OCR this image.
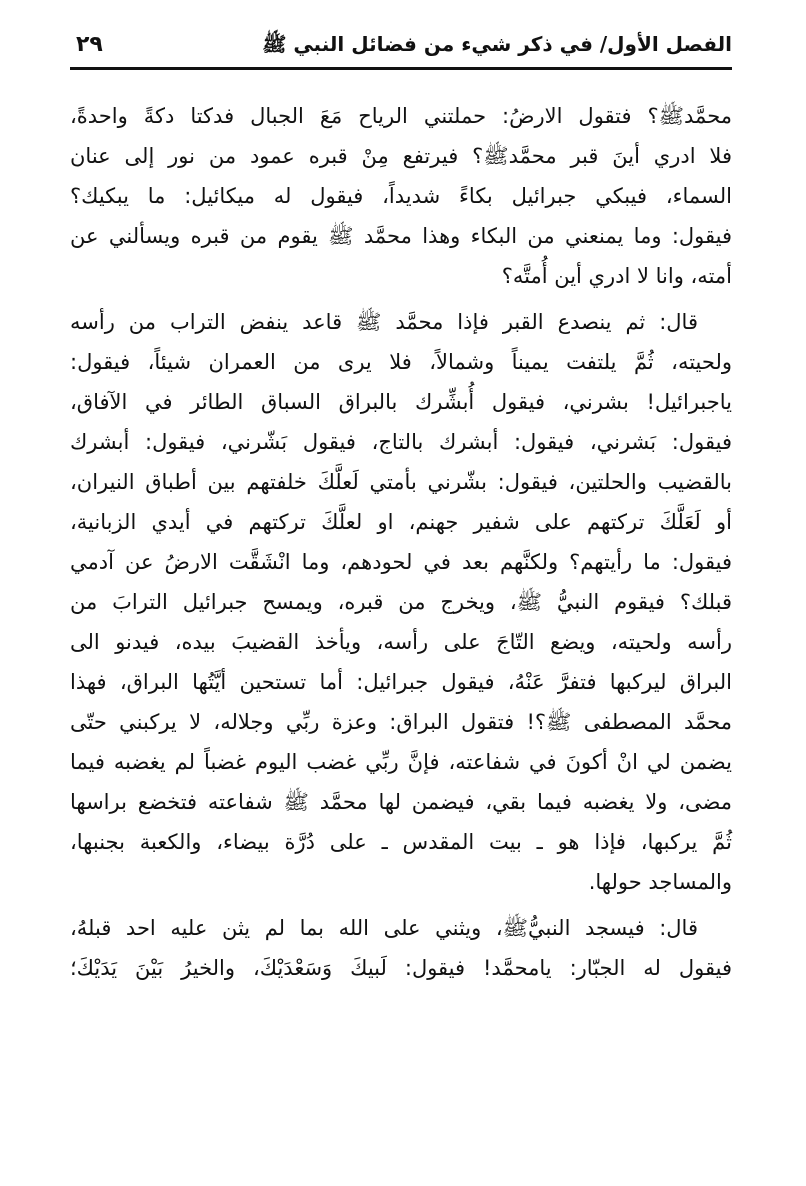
الفصل الأول/ في ذكر شيء من فضائل النبي ﷺ
٢٩
محمَّدﷺ؟ فتقول الارضُ: حملتني الرياح مَعَ الجبال فدكتا دكةً واحدةً،
فلا ادري أينَ قبر محمَّدﷺ؟ فيرتفع مِنْ قبره عمود من نور إلى عنان
السماء، فيبكي جبرائيل بكاءً شديداً، فيقول له ميكائيل: ما يبكيك؟
فيقول: وما يمنعني من البكاء وهذا محمَّد ﷺ يقوم من قبره ويسألني عن
أمته، وانا لا ادري أين أُمتَّه؟
قال: ثم ينصدع القبر فإذا محمَّد ﷺ قاعد ينفض التراب من رأسه
ولحيته، ثُمَّ يلتفت يميناً وشمالاً، فلا يرى من العمران شيئاً، فيقول:
ياجبرائيل! بشرني، فيقول أُبشِّرك بالبراق السباق الطائر في الآفاق،
فيقول: بَشرني، فيقول: أبشرك بالتاج، فيقول بَشّرني، فيقول: أبشرك
بالقضيب والحلتين، فيقول: بشّرني بأمتي لَعلَّكَ خلفتهم بين أطباق النيران،
أو لَعَلَّكَ تركتهم على شفير جهنم، او لعلَّكَ تركتهم في أيدي الزبانية،
فيقول: ما رأيتهم؟ ولكنَّهم بعد في لحودهم، وما انْشَقَّت الارضُ عن آدمي
قبلك؟ فيقوم النبيُّ ﷺ، ويخرج من قبره، ويمسح جبرائيل الترابَ من
رأسه ولحيته، ويضع التّاجَ على رأسه، ويأخذ القضيبَ بيده، فيدنو الى
البراق ليركبها فتفرَّ عَنْهُ، فيقول جبرائيل: أما تستحين أيَّتُها البراق، فهذا
محمَّد المصطفى ﷺ؟! فتقول البراق: وعزة ربِّي وجلاله، لا يركبني حتّى
يضمن لي انْ أكونَ في شفاعته، فإنَّ ربِّي غضب اليوم غضباً لم يغضبه فيما
مضى، ولا يغضبه فيما بقي، فيضمن لها محمَّد ﷺ شفاعته فتخضع براسها
ثُمَّ يركبها، فإذا هو ـ بيت المقدس ـ على دُرَّة بيضاء، والكعبة بجنبها،
والمساجد حولها.
قال: فيسجد النبيُّﷺ، ويثني على الله بما لم يثن عليه احد قبلهُ،
فيقول له الجبّار: يامحمَّد! فيقول: لَبيكَ وَسَعْدَيْكَ، والخيرُ بَيْنَ يَدَيْكَ؛
